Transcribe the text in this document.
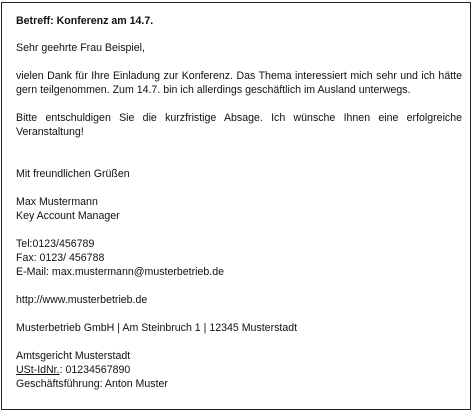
Betreff: Konferenz am 14.7.

Sehr geehrte Frau Beispiel,

vielen Dank für Ihre Einladung zur Konferenz. Das Thema interessiert mich sehr und ich hätte

gern teilgenommen. Zum 14.7. bin ich allerdings geschäftlich im Ausland unterwegs.

Bitte entschuldigen Sie die kurzfristige Absage. Ich wünsche Ihnen eine erfolgreiche

Veranstaltung!

Mit freundlichen Grüßen

Max Mustermann

Key Account Manager

Tel:0123/456789

Fax: 0123/ 456788

E-Mail: max.mustermann@musterbetrieb.de

http://www.musterbetrieb.de

Musterbetrieb GmbH | Am Steinbruch 1 | 12345 Musterstadt

Amtsgericht Musterstadt

USt-IdNr.: 01234567890

Geschäftsführung: Anton Muster
